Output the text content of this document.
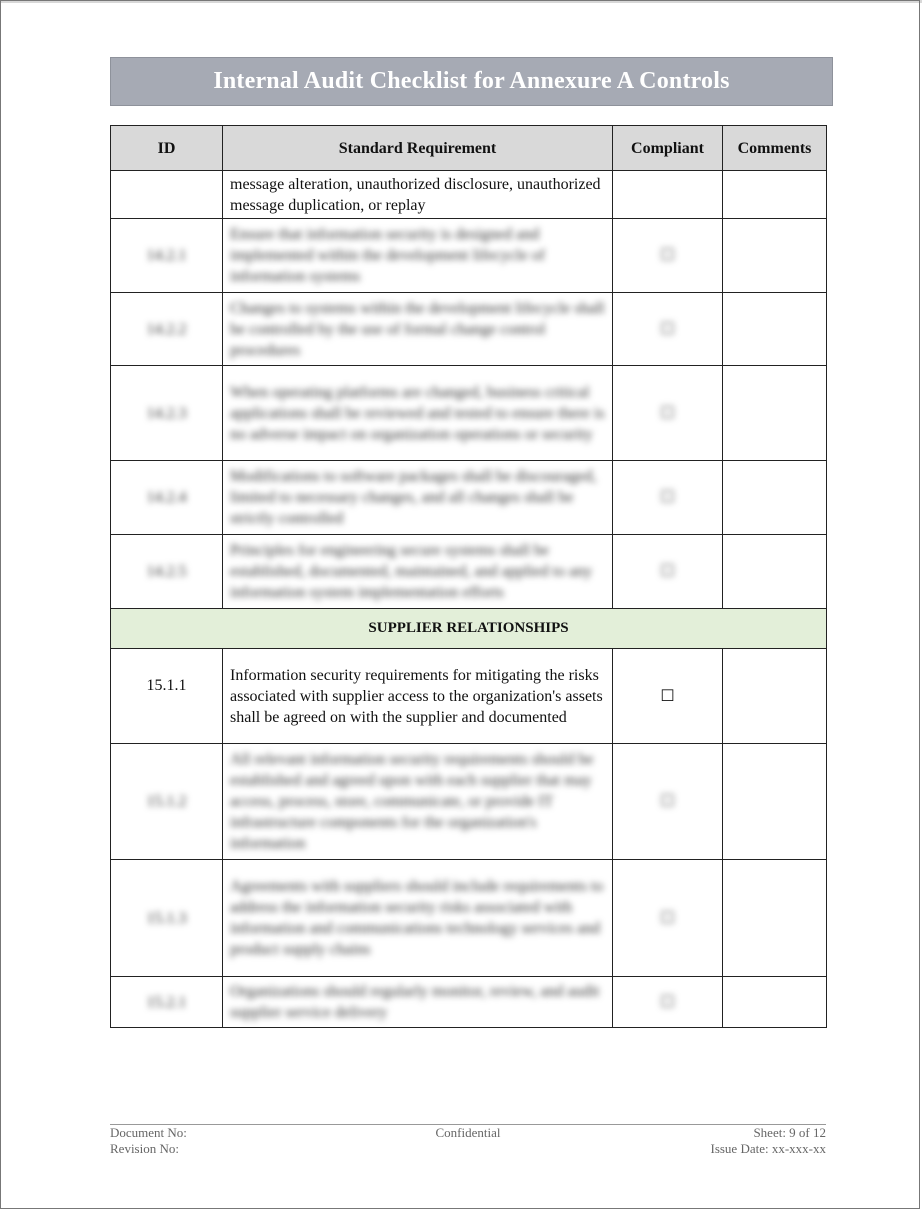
Internal Audit Checklist for Annexure A Controls
ID	Standard Requirement	Compliant	Comments
	message alteration, unauthorized disclosure, unauthorized message duplication, or replay		
14.2.1	Ensure that information security is designed and implemented within the development lifecycle of information systems	☐	
14.2.2	Changes to systems within the development lifecycle shall be controlled by the use of formal change control procedures	☐	
14.2.3	When operating platforms are changed, business critical applications shall be reviewed and tested to ensure there is no adverse impact on organization operations or security	☐	
14.2.4	Modifications to software packages shall be discouraged, limited to necessary changes, and all changes shall be strictly controlled	☐	
14.2.5	Principles for engineering secure systems shall be established, documented, maintained, and applied to any information system implementation efforts	☐	
SUPPLIER RELATIONSHIPS			
15.1.1	Information security requirements for mitigating the risks associated with supplier access to the organization's assets shall be agreed on with the supplier and documented	☐	
15.1.2	All relevant information security requirements should be established and agreed upon with each supplier that may access, process, store, communicate, or provide IT infrastructure components for the organization's information	☐	
15.1.3	Agreements with suppliers should include requirements to address the information security risks associated with information and communications technology services and product supply chains	☐	
15.2.1	Organizations should regularly monitor, review, and audit supplier service delivery	☐	
Document No:	Confidential	Sheet: 9 of 12
Revision No:	Issue Date: xx-xxx-xx
